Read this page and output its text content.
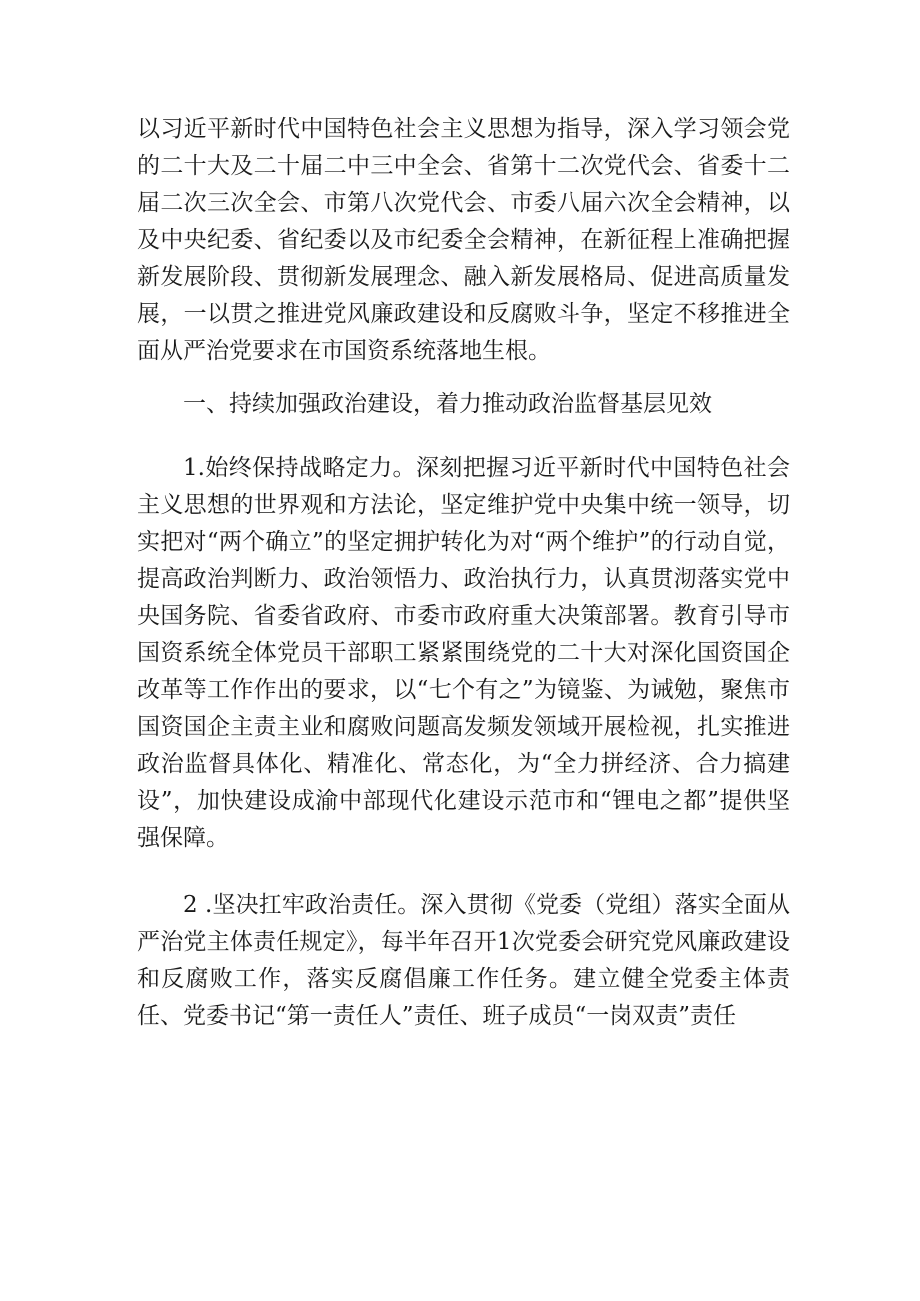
以习近平新时代中国特色社会主义思想为指导，深入学习领会党的二十大及二十届二中三中全会、省第十二次党代会、省委十二届二次三次全会、市第八次党代会、市委八届六次全会精神，以及中央纪委、省纪委以及市纪委全会精神，在新征程上准确把握新发展阶段、贯彻新发展理念、融入新发展格局、促进高质量发展，一以贯之推进党风廉政建设和反腐败斗争，坚定不移推进全面从严治党要求在市国资系统落地生根。

一、持续加强政治建设，着力推动政治监督基层见效

1.始终保持战略定力。深刻把握习近平新时代中国特色社会主义思想的世界观和方法论，坚定维护党中央集中统一领导，切实把对“两个确立”的坚定拥护转化为对“两个维护”的行动自觉，提高政治判断力、政治领悟力、政治执行力，认真贯沏落实党中央国务院、省委省政府、市委市政府重大决策部署。教育引导市国资系统全体党员干部职工紧紧围绕党的二十大对深化国资国企改革等工作作出的要求，以“七个有之”为镜鉴、为诫勉，聚焦市国资国企主责主业和腐败问题高发频发领域开展检视，扎实推进政治监督具体化、精准化、常态化，为“全力拼经济、合力搞建设”，加快建设成渝中部现代化建设示范市和“锂电之都”提供坚强保障。

2 .坚决扛牢政治责任。深入贯彻《党委（党组）落实全面从严治党主体责任规定》，每半年召开1次党委会研究党风廉政建设和反腐败工作，落实反腐倡廉工作任务。建立健全党委主体责任、党委书记“第一责任人”责任、班子成员“一岗双责”责任
